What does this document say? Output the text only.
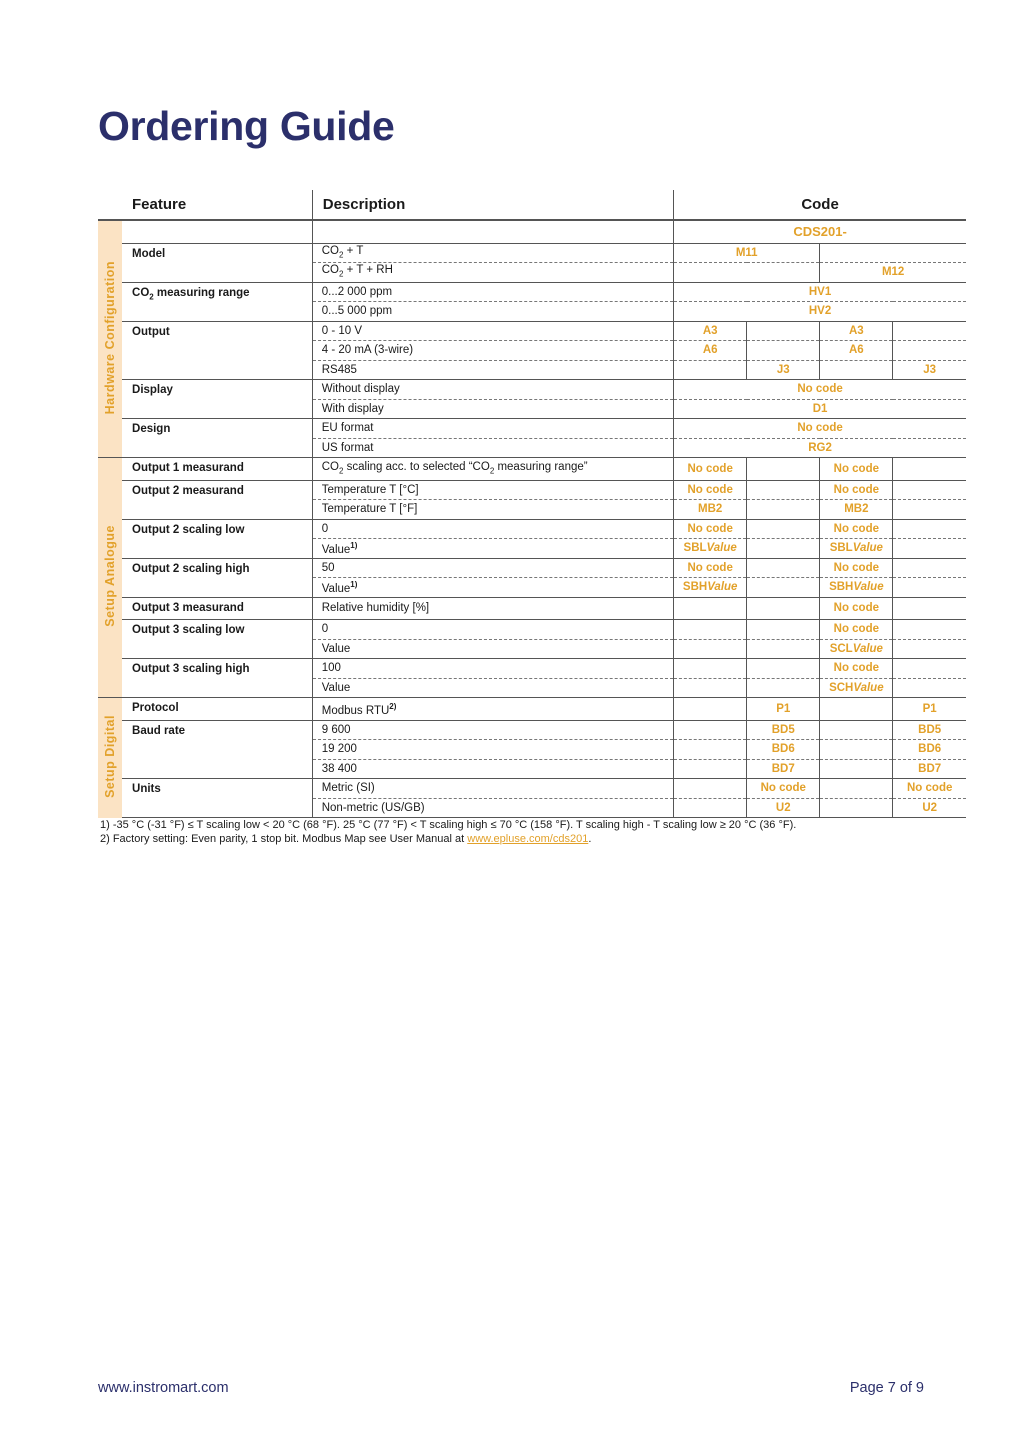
Ordering Guide
	Feature	Description	Code			
Hardware Configuration			CDS201-			
	Model	$CO_2 + T$	M11			
		$CO_2 + T$ + RH			M12	
	$CO_2$ measuring range	0...2 000 ppm	HV1			
		0...5 000 ppm	HV2			
	Output	0 - 10 V	A3		A3	
		4 - 20 mA (3-wire)	A6		A6	
		RS485		J3		J3
	Display	Without display	No code			
		With display	D1			
	Design	EU format	No code			
		US format	RG2			
Setup Analogue	Output 1 measurand	$CO_2$ scaling acc. to selected “$CO_2$ measuring range”	No code		No code	
	Output 2 measurand	Temperature T [°C]	No code		No code	
		Temperature T [°F]	MB2		MB2	
	Output 2 scaling low	0	No code		No code	
		Value$^{1)}$	SBLValue		SBLValue	
	Output 2 scaling high	50	No code		No code	
		Value$^{1)}$	SBHValue		SBHValue	
	Output 3 measurand	Relative humidity [%]			No code	
	Output 3 scaling low	0			No code	
		Value			SCLValue	
	Output 3 scaling high	100			No code	
		Value			SCHValue	
Setup Digital	Protocol	Modbus RTU$^{2)}$		P1		P1
	Baud rate	9 600		BD5		BD5
		19 200		BD6		BD6
		38 400		BD7		BD7
	Units	Metric (SI)		No code		No code
		Non-metric (US/GB)		U2		U2
1) -35 °C (-31 °F) ≤ T scaling low < 20 °C (68 °F). 25 °C (77 °F) < T scaling high ≤ 70 °C (158 °F). T scaling high - T scaling low ≥ 20 °C (36 °F).
2) Factory setting: Even parity, 1 stop bit. Modbus Map see User Manual at www.epluse.com/cds201.
www.instromart.com	Page 7 of 9
